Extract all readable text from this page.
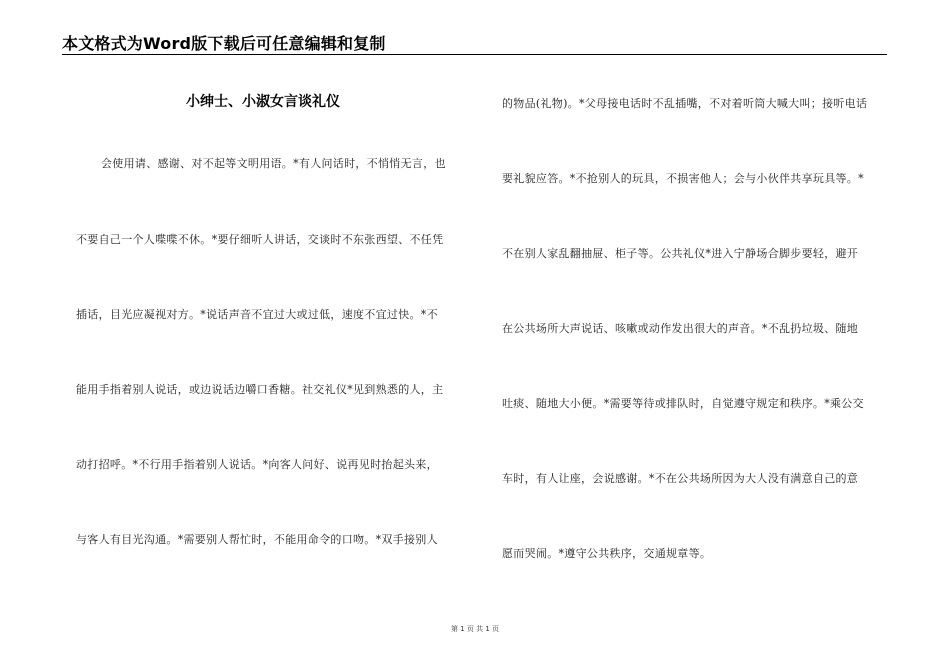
本文格式为Word版下载后可任意编辑和复制
小绅士、小淑女言谈礼仪
会使用请、感谢、对不起等文明用语。*有人问话时，不悄悄无言，也
不要自己一个人喋喋不休。*要仔细听人讲话，交谈时不东张西望、不任凭
插话，目光应凝视对方。*说话声音不宜过大或过低，速度不宜过快。*不
能用手指着别人说话，或边说话边嚼口香糖。社交礼仪*见到熟悉的人，主
动打招呼。*不行用手指着别人说话。*向客人问好、说再见时抬起头来，
与客人有目光沟通。*需要别人帮忙时，不能用命令的口吻。*双手接别人
的物品(礼物)。*父母接电话时不乱插嘴，不对着听筒大喊大叫；接听电话
要礼貌应答。*不抢别人的玩具，不损害他人；会与小伙伴共享玩具等。*
不在别人家乱翻抽屉、柜子等。公共礼仪*进入宁静场合脚步要轻，避开
在公共场所大声说话、咳嗽或动作发出很大的声音。*不乱扔垃圾、随地
吐痰、随地大小便。*需要等待或排队时，自觉遵守规定和秩序。*乘公交
车时，有人让座，会说感谢。*不在公共场所因为大人没有满意自己的意
愿而哭闹。*遵守公共秩序，交通规章等。
第 1 页 共 1 页
